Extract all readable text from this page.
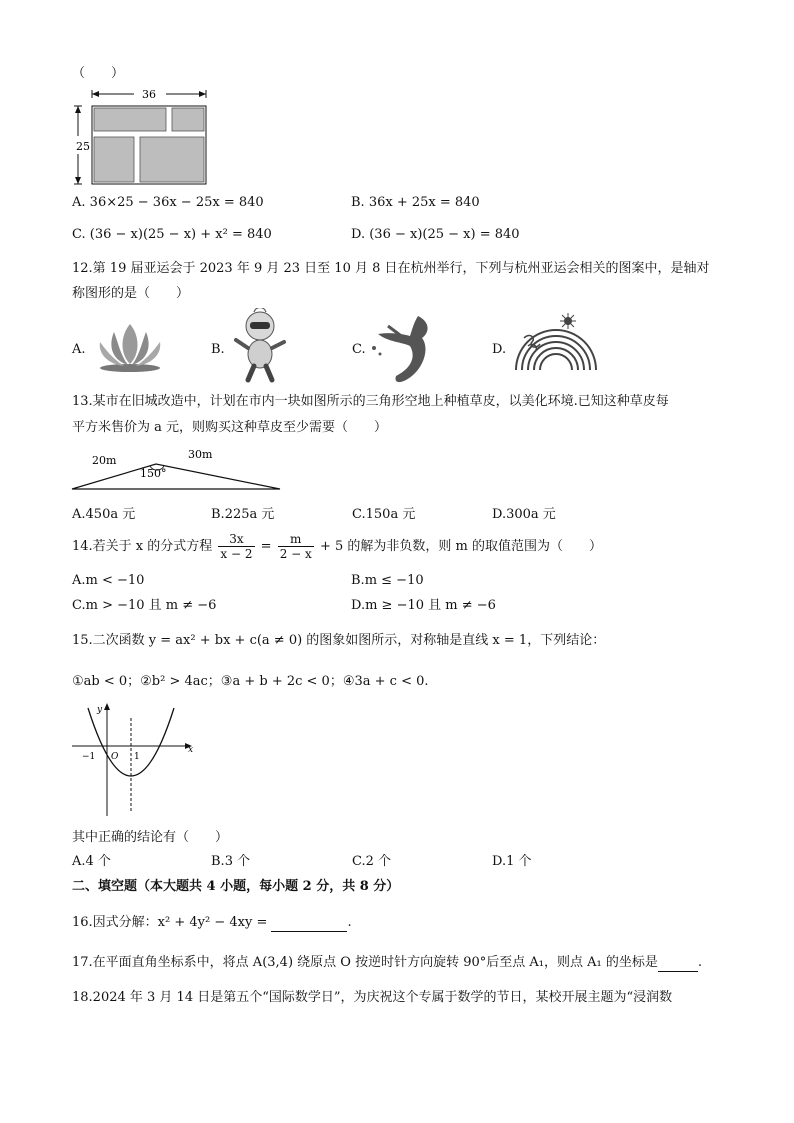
（　　）
36
25
A. 36×25 − 36x − 25x = 840	B. 36x + 25x = 840
C. (36 − x)(25 − x) + x² = 840	D. (36 − x)(25 − x) = 840
12.第 19 届亚运会于 2023 年 9 月 23 日至 10 月 8 日在杭州举行，下列与杭州亚运会相关的图案中，是轴对
称图形的是（　　）
A.	B.	C.	D.
13.某市在旧城改造中，计划在市内一块如图所示的三角形空地上种植草皮，以美化环境.已知这种草皮每
平方米售价为 a 元，则购买这种草皮至少需要（　　）
20m	30m
150°
A.450a 元	B.225a 元	C.150a 元	D.300a 元
14.若关于 x 的分式方程 $\frac{3x}{x - 2} = \frac{m}{2 - x} + 5$ 的解为非负数，则 m 的取值范围为（　　）
A.m < −10	B.m ≤ −10
C.m > −10 且 m ≠ −6	D.m ≥ −10 且 m ≠ −6
15.二次函数 y = ax² + bx + c(a ≠ 0) 的图象如图所示，对称轴是直线 x = 1，下列结论：
①ab < 0；②b² > 4ac；③a + b + 2c < 0；④3a + c < 0.
x
y
O
−1	1
其中正确的结论有（　　）
A.4 个	B.3 个	C.2 个	D.1 个
二、填空题（本大题共 4 小题，每小题 2 分，共 8 分）
16.因式分解：x² + 4y² − 4xy =	.
17.在平面直角坐标系中，将点 A(3,4) 绕原点 O 按逆时针方向旋转 90°后至点 A₁，则点 A₁ 的坐标是	.
18.2024 年 3 月 14 日是第五个“国际数学日”，为庆祝这个专属于数学的节日，某校开展主题为“浸润数
